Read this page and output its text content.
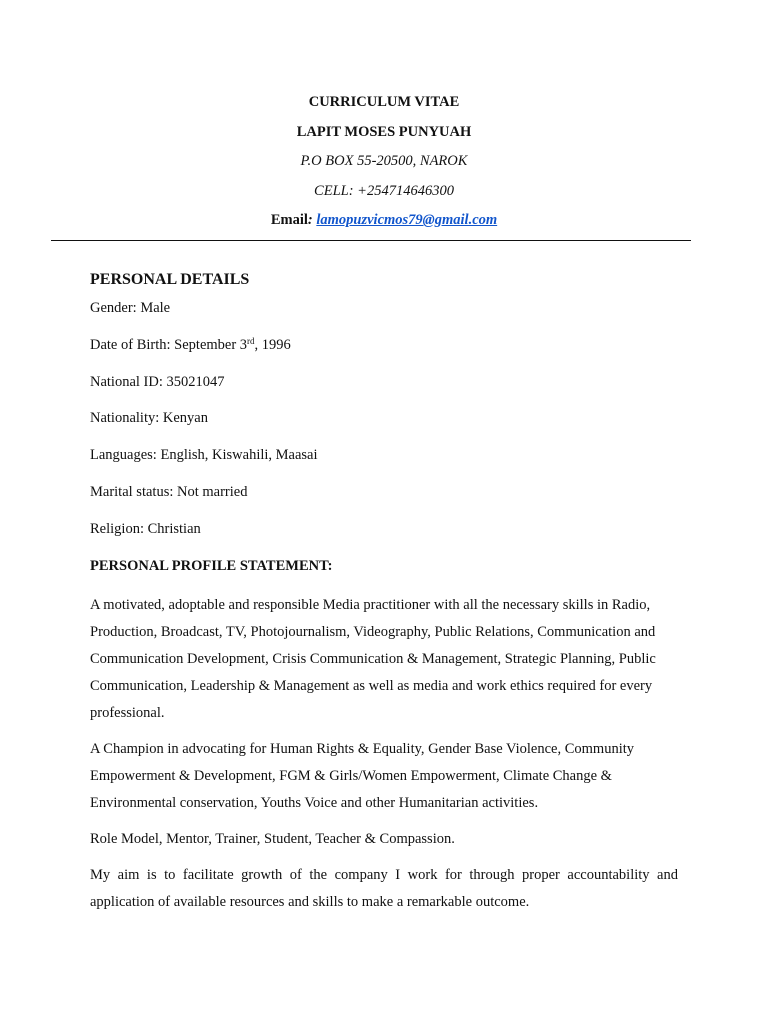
CURRICULUM VITAE
LAPIT MOSES PUNYUAH
P.O BOX 55-20500, NAROK
CELL: +254714646300
Email: lamopuzvicmos79@gmail.com
PERSONAL DETAILS
Gender: Male
Date of Birth: September 3rd, 1996
National ID: 35021047
Nationality: Kenyan
Languages: English, Kiswahili, Maasai
Marital status: Not married
Religion: Christian
PERSONAL PROFILE STATEMENT:

A motivated, adoptable and responsible Media practitioner with all the necessary skills in Radio, Production, Broadcast, TV, Photojournalism, Videography, Public Relations, Communication and Communication Development, Crisis Communication & Management, Strategic Planning, Public Communication, Leadership & Management as well as media and work ethics required for every professional.

A Champion in advocating for Human Rights & Equality, Gender Base Violence, Community Empowerment & Development, FGM & Girls/Women Empowerment, Climate Change & Environmental conservation, Youths Voice and other Humanitarian activities.

Role Model, Mentor, Trainer, Student, Teacher & Compassion.

My aim is to facilitate growth of the company I work for through proper accountability and application of available resources and skills to make a remarkable outcome.
